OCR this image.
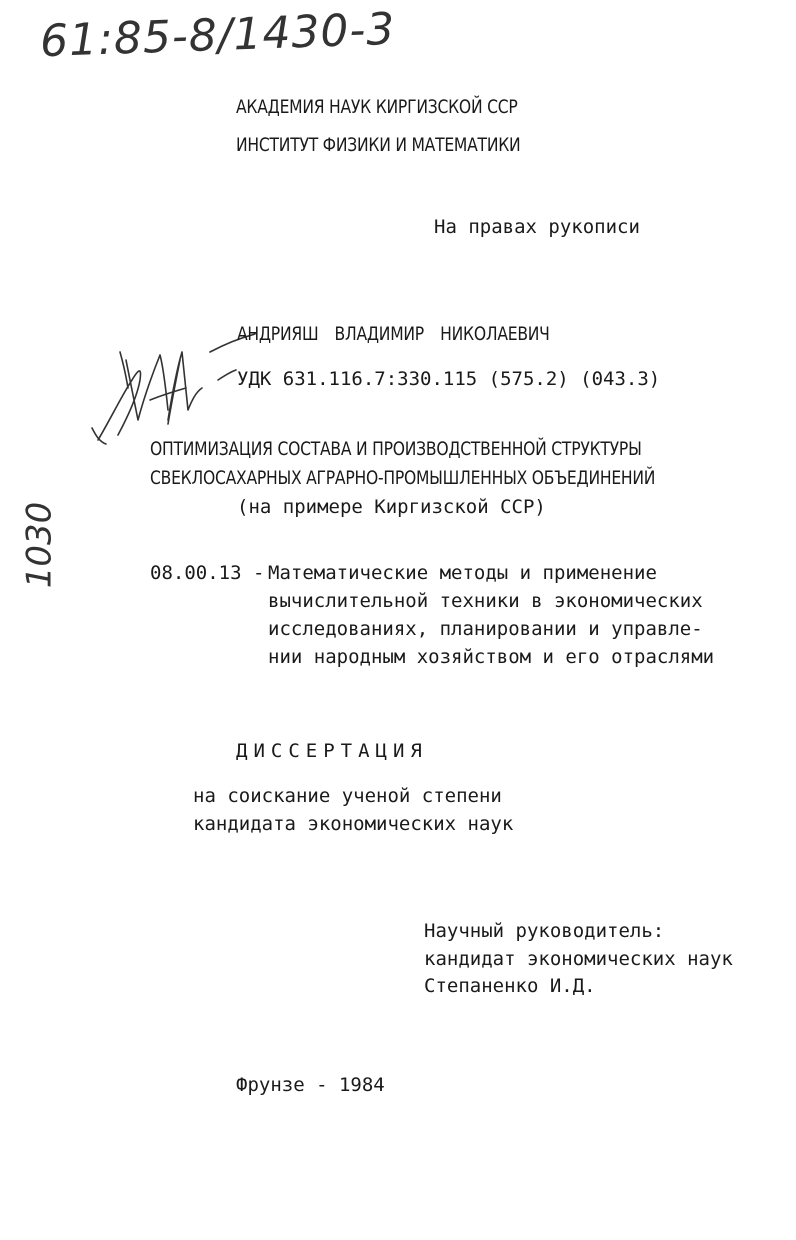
61:85-8/1430-3
1030
АКАДЕМИЯ НАУК КИРГИЗСКОЙ ССР
ИНСТИТУТ ФИЗИКИ И МАТЕМАТИКИ
На правах рукописи
АНДРИЯШ ВЛАДИМИР НИКОЛАЕВИЧ
УДК 631.116.7:330.115 (575.2) (043.3)
ОПТИМИЗАЦИЯ СОСТАВА И ПРОИЗВОДСТВЕННОЙ СТРУКТУРЫ
СВЕКЛОСАХАРНЫХ АГРАРНО-ПРОМЫШЛЕННЫХ ОБЪЕДИНЕНИЙ
(на примере Киргизской ССР)
08.00.13 - Математические методы и применение
вычислительной техники в экономических
исследованиях, планировании и управле-
нии народным хозяйством и его отраслями
ДИССЕРТАЦИЯ
на соискание ученой степени
кандидата экономических наук
Научный руководитель:
кандидат экономических наук
Степаненко И.Д.
Фрунзе - 1984
